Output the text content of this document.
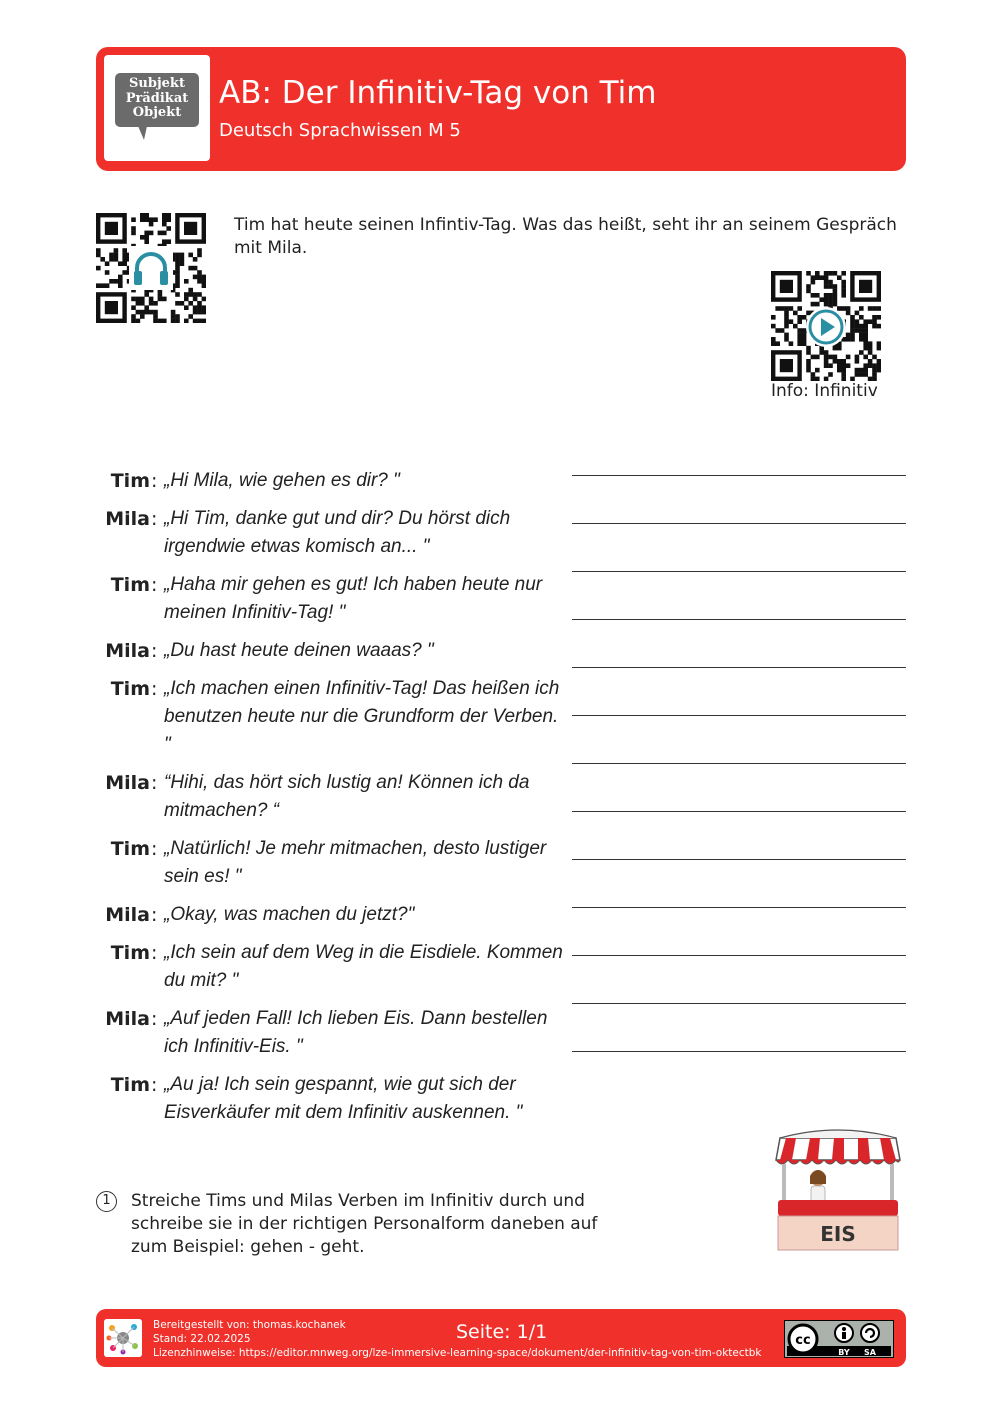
Subjekt
Prädikat
Objekt
AB: Der Infinitiv-Tag von Tim
Deutsch Sprachwissen M 5
Tim hat heute seinen Infintiv-Tag. Was das heißt, seht ihr an seinem Gespräch mit Mila.
Info: Infinitiv
Tim : „Hi Mila, wie gehen es dir? "
Mila : „Hi Tim, danke gut und dir? Du hörst dich irgendwie etwas komisch an... "
Tim : „Haha mir gehen es gut! Ich haben heute nur meinen Infinitiv-Tag! "
Mila : „Du hast heute deinen waaas? "
Tim : „Ich machen einen Infinitiv-Tag! Das heißen ich benutzen heute nur die Grundform der Verben. "
Mila : “Hihi, das hört sich lustig an! Können ich da mitmachen? “
Tim : „Natürlich! Je mehr mitmachen, desto lustiger sein es! "
Mila : „Okay, was machen du jetzt?"
Tim : „Ich sein auf dem Weg in die Eisdiele. Kommen du mit? "
Mila : „Auf jeden Fall! Ich lieben Eis. Dann bestellen ich Infinitiv-Eis. "
Tim : „Au ja! Ich sein gespannt, wie gut sich der Eisverkäufer mit dem Infinitiv auskennen. "
EIS
1	Streiche Tims und Milas Verben im Infinitiv durch und schreibe sie in der richtigen Personalform daneben auf zum Beispiel: gehen - geht.
Bereitgestellt von: thomas.kochanek
Stand: 22.02.2025
Lizenzhinweise: https://editor.mnweg.org/lze-immersive-learning-space/dokument/der-infinitiv-tag-von-tim-oktectbk
Seite: 1/1	cc
BY SA
